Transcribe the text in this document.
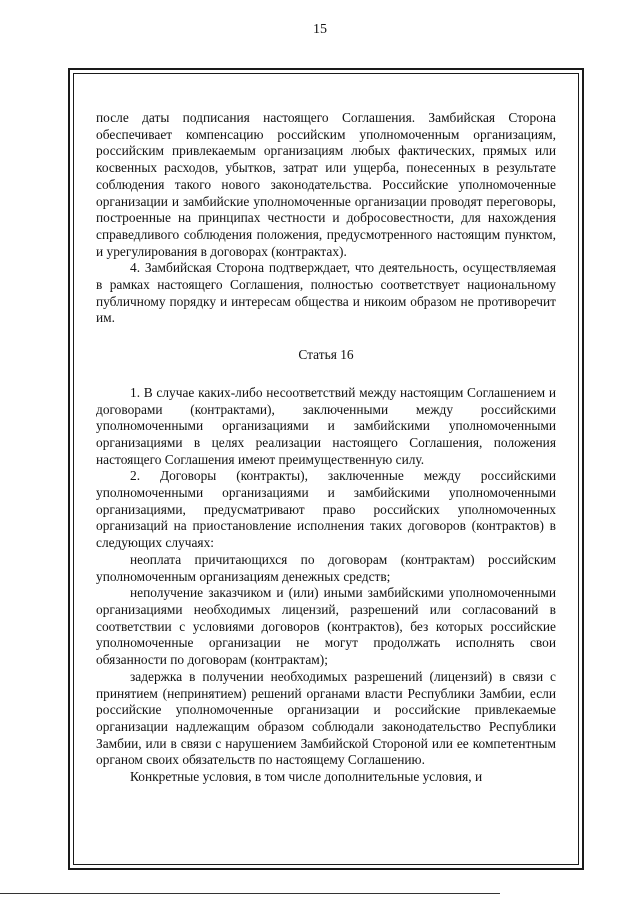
15

после даты подписания настоящего Соглашения. Замбийская Сторона обеспечивает компенсацию российским уполномоченным организациям, российским привлекаемым организациям любых фактических, прямых или косвенных расходов, убытков, затрат или ущерба, понесенных в результате соблюдения такого нового законодательства. Российские уполномоченные организации и замбийские уполномоченные организации проводят переговоры, построенные на принципах честности и добросовестности, для нахождения справедливого соблюдения положения, предусмотренного настоящим пунктом, и урегулирования в договорах (контрактах).

4. Замбийская Сторона подтверждает, что деятельность, осуществляемая в рамках настоящего Соглашения, полностью соответствует национальному публичному порядку и интересам общества и никоим образом не противоречит им.

Статья 16

1. В случае каких-либо несоответствий между настоящим Соглашением и договорами (контрактами), заключенными между российскими уполномоченными организациями и замбийскими уполномоченными организациями в целях реализации настоящего Соглашения, положения настоящего Соглашения имеют преимущественную силу.

2. Договоры (контракты), заключенные между российскими уполномоченными организациями и замбийскими уполномоченными организациями, предусматривают право российских уполномоченных организаций на приостановление исполнения таких договоров (контрактов) в следующих случаях:

неоплата причитающихся по договорам (контрактам) российским уполномоченным организациям денежных средств;

неполучение заказчиком и (или) иными замбийскими уполномоченными организациями необходимых лицензий, разрешений или согласований в соответствии с условиями договоров (контрактов), без которых российские уполномоченные организации не могут продолжать исполнять свои обязанности по договорам (контрактам);

задержка в получении необходимых разрешений (лицензий) в связи с принятием (непринятием) решений органами власти Республики Замбии, если российские уполномоченные организации и российские привлекаемые организации надлежащим образом соблюдали законодательство Республики Замбии, или в связи с нарушением Замбийской Стороной или ее компетентным органом своих обязательств по настоящему Соглашению.

Конкретные условия, в том числе дополнительные условия, и
